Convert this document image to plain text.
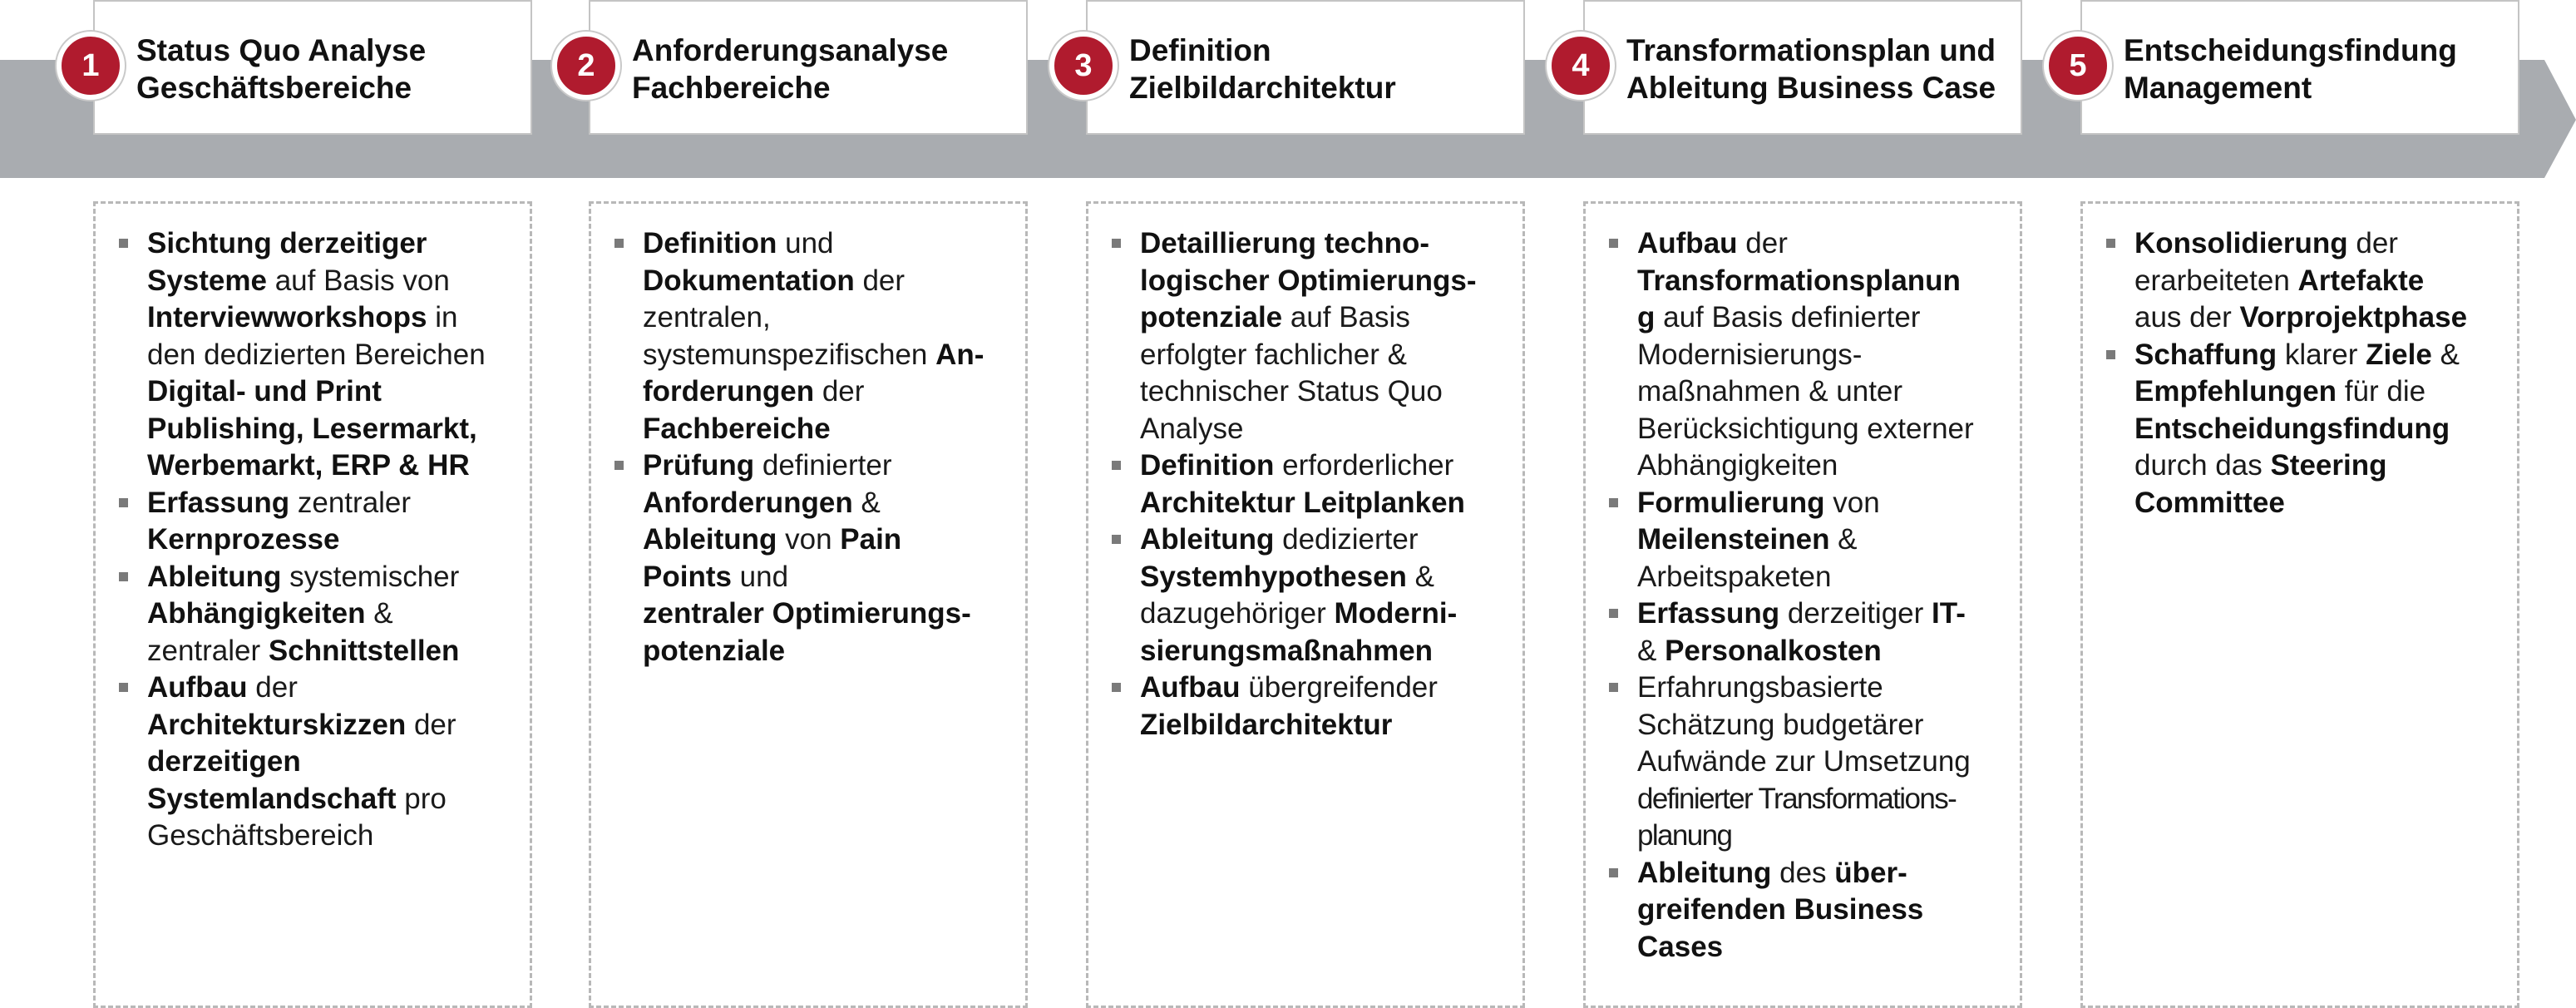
Status Quo Analyse
Geschäftsbereiche
1
Sichtung derzeitiger
Systeme auf Basis von
Interviewworkshops in
den dedizierten Bereichen
Digital- und Print
Publishing, Lesermarkt,
Werbemarkt, ERP & HR
Erfassung zentraler
Kernprozesse
Ableitung systemischer
Abhängigkeiten &
zentraler Schnittstellen
Aufbau der
Architekturskizzen der
derzeitigen
Systemlandschaft pro
Geschäftsbereich
Anforderungsanalyse
Fachbereiche
2
Definition und
Dokumentation der
zentralen,
systemunspezifischen An-
forderungen der
Fachbereiche
Prüfung definierter
Anforderungen &
Ableitung von Pain
Points und
zentraler Optimierungs-
potenziale
Definition
Zielbildarchitektur
3
Detaillierung techno-
logischer Optimierungs-
potenziale auf Basis
erfolgter fachlicher &
technischer Status Quo
Analyse
Definition erforderlicher
Architektur Leitplanken
Ableitung dedizierter
Systemhypothesen &
dazugehöriger Moderni-
sierungsmaßnahmen
Aufbau übergreifender
Zielbildarchitektur
Transformationsplan und
Ableitung Business Case
4
Aufbau der
Transformationsplanun
g auf Basis definierter
Modernisierungs-
maßnahmen & unter
Berücksichtigung externer
Abhängigkeiten
Formulierung von
Meilensteinen &
Arbeitspaketen
Erfassung derzeitiger IT-
& Personalkosten
Erfahrungsbasierte
Schätzung budgetärer
Aufwände zur Umsetzung
definierter Transformations-
planung
Ableitung des über-
greifenden Business
Cases
Entscheidungsfindung
Management
5
Konsolidierung der
erarbeiteten Artefakte
aus der Vorprojektphase
Schaffung klarer Ziele &
Empfehlungen für die
Entscheidungsfindung
durch das Steering
Committee
